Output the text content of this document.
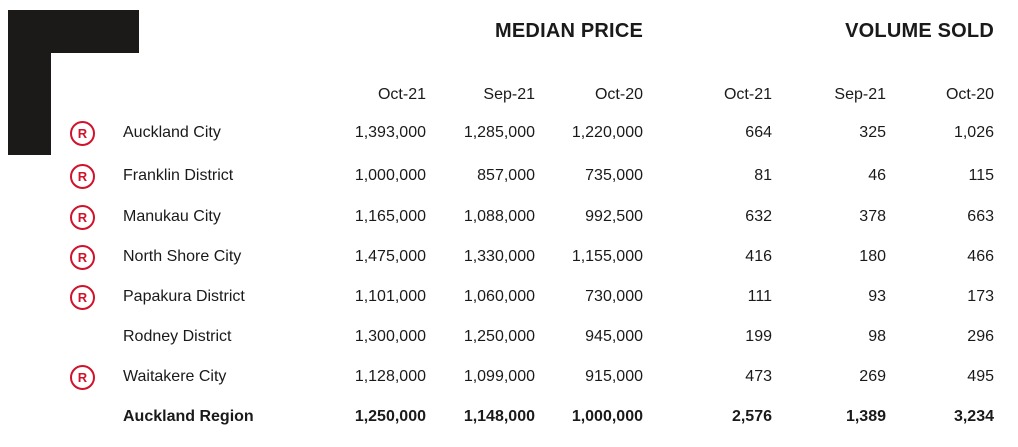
MEDIAN PRICE	VOLUME SOLD
Oct-21	Sep-21	Oct-20	Oct-21	Sep-21	Oct-20
R	Auckland City	1,393,000 1,285,000 1,220,000	664	325	1,026
R	Franklin District	1,000,000	857,000	735,000	81	46	115
R	Manukau City	1,165,000 1,088,000	992,500	632	378	663
R	North Shore City	1,475,000 1,330,000 1,155,000	416	180	466
R	Papakura District	1,101,000 1,060,000	730,000	111	93	173
Rodney District	1,300,000 1,250,000	945,000	199	98	296
R	Waitakere City	1,128,000 1,099,000	915,000	473	269	495
Auckland Region	1,250,000 1,148,000 1,000,000	2,576	1,389	3,234
